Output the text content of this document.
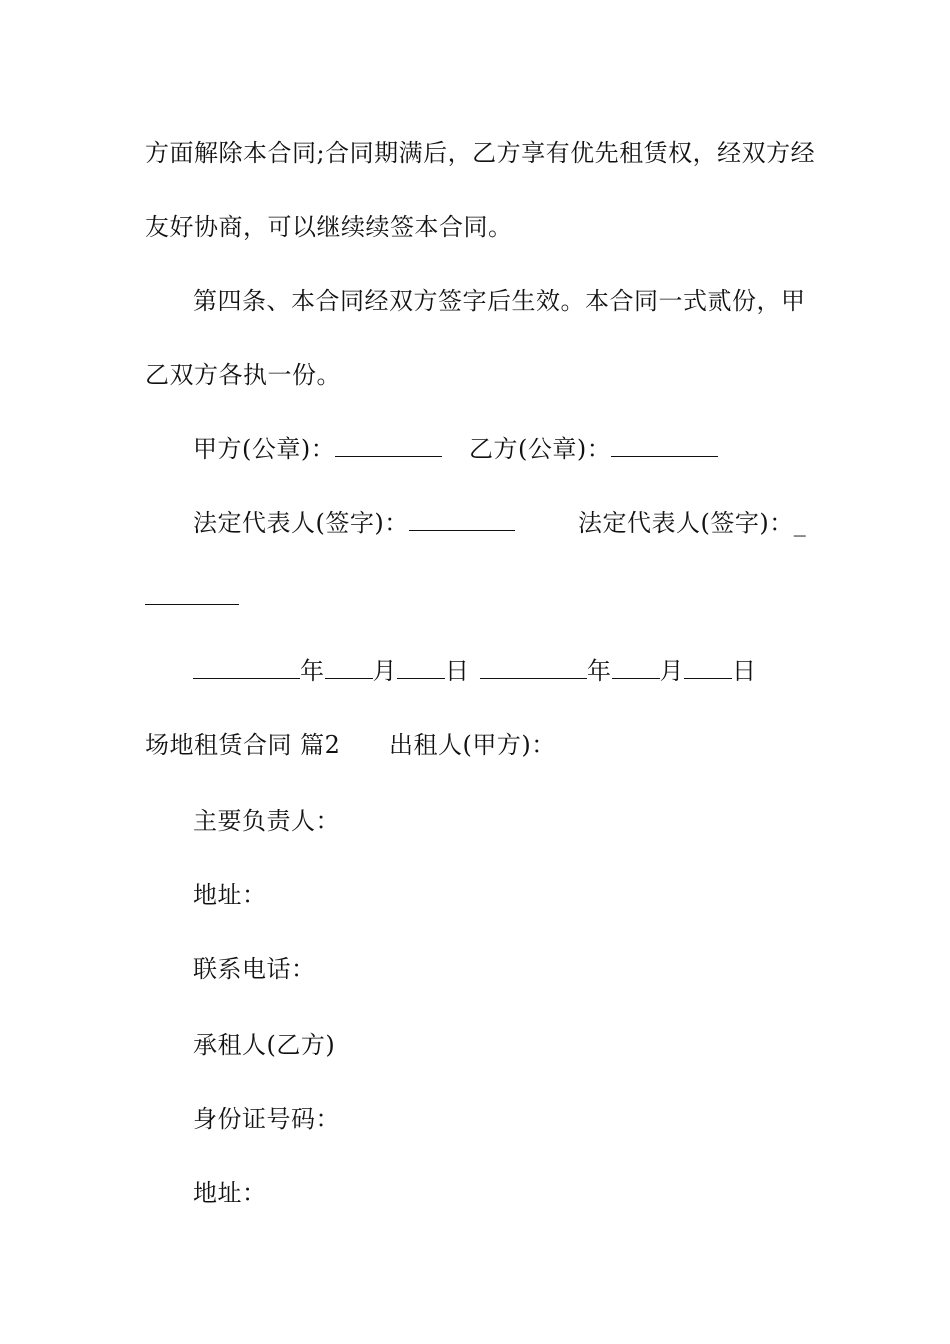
方面解除本合同;合同期满后，乙方享有优先租赁权，经双方经
友好协商，可以继续续签本合同。
第四条、本合同经双方签字后生效。本合同一式贰份，甲
乙双方各执一份。
甲方(公章)：	乙方(公章)：
法定代表人(签字)：	法定代表人(签字)：_
年 月 日	年 月 日
场地租赁合同 篇2 出租人(甲方)：
主要负责人：
地址：
联系电话：
承租人(乙方)
身份证号码：
地址：
